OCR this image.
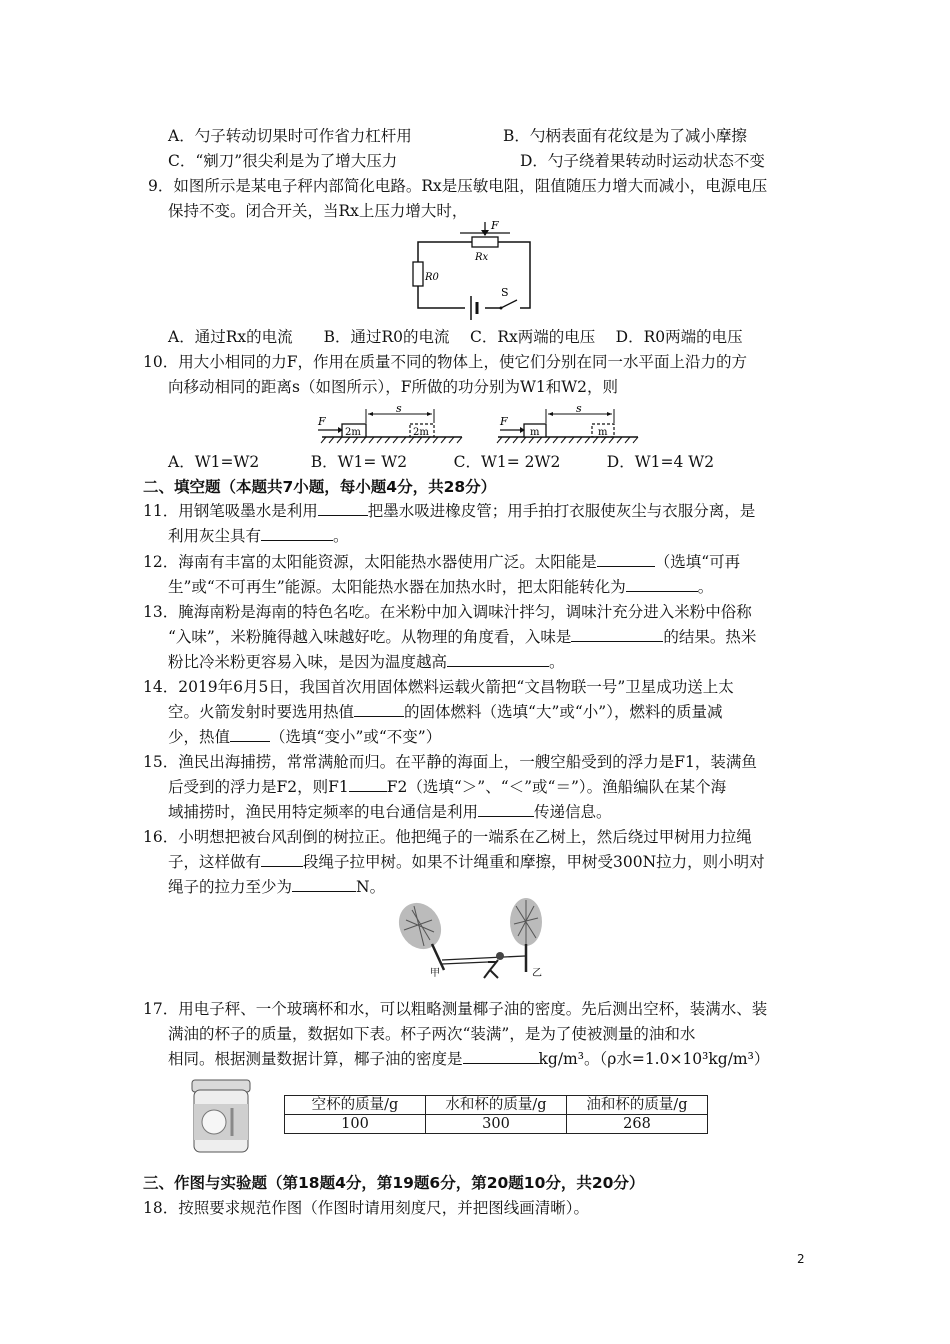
A．勺子转动切果时可作省力杠杆用	B．勺柄表面有花纹是为了减小摩擦
C．“剜刀”很尖利是为了增大压力	D．勺子绕着果转动时运动状态不变
9．如图所示是某电子秤内部简化电路。Rx是压敏电阻，阻值随压力增大而减小，电源电压
保持不变。闭合开关，当Rx上压力增大时，
F
Rx
R0
S
A．通过Rx的电流　　B．通过R0的电流　 C．Rx两端的电压　 D．R0两端的电压
10．用大小相同的力F，作用在质量不同的物体上，使它们分别在同一水平面上沿力的方
向移动相同的距离s（如图所示），F所做的功分别为W1和W2，则
2m	2m
F
s
m	m
F
s
A．W1=W2　　　 B．W1= W2　　　C．W1= 2W2　　　D．W1=4 W2
二、填空题（本题共7小题，每小题4分，共28分）
11．用钢笔吸墨水是利用	把墨水吸进橡皮管；用手拍打衣服使灰尘与衣服分离，是
利用灰尘具有	。
12．海南有丰富的太阳能资源，太阳能热水器使用广泛。太阳能是	（选填“可再
生”或“不可再生”能源。太阳能热水器在加热水时，把太阳能转化为	。
13．腌海南粉是海南的特色名吃。在米粉中加入调味汁拌匀，调味汁充分进入米粉中俗称
“入味”，米粉腌得越入味越好吃。从物理的角度看，入味是	的结果。热米
粉比冷米粉更容易入味，是因为温度越高	。
14．2019年6月5日，我国首次用固体燃料运载火箭把“文昌物联一号”卫星成功送上太
空。火箭发射时要选用热值	的固体燃料（选填“大”或“小”），燃料的质量减
少，热值	（选填“变小”或“不变”）
15．渔民出海捕捞，常常满舱而归。在平静的海面上，一艘空船受到的浮力是F1，装满鱼
后受到的浮力是F2，则F1 F2（选填“＞”、“＜”或“＝”）。渔船编队在某个海
域捕捞时，渔民用特定频率的电台通信是利用	传递信息。
16．小明想把被台风刮倒的树拉正。他把绳子的一端系在乙树上，然后绕过甲树用力拉绳
子，这样做有	段绳子拉甲树。如果不计绳重和摩擦，甲树受300N拉力，则小明对
绳子的拉力至少为	N。
甲	乙
17．用电子秤、一个玻璃杯和水，可以粗略测量椰子油的密度。先后测出空杯，装满水、装
满油的杯子的质量，数据如下表。杯子两次“装满”，是为了使被测量的油和水
相同。根据测量数据计算，椰子油的密度是	kg/m³。（ρ水=1.0×10³kg/m³）
空杯的质量/g	水和杯的质量/g	油和杯的质量/g
100	300	268
三、作图与实验题（第18题4分，第19题6分，第20题10分，共20分）
18．按照要求规范作图（作图时请用刻度尺，并把图线画清晰）。
2
